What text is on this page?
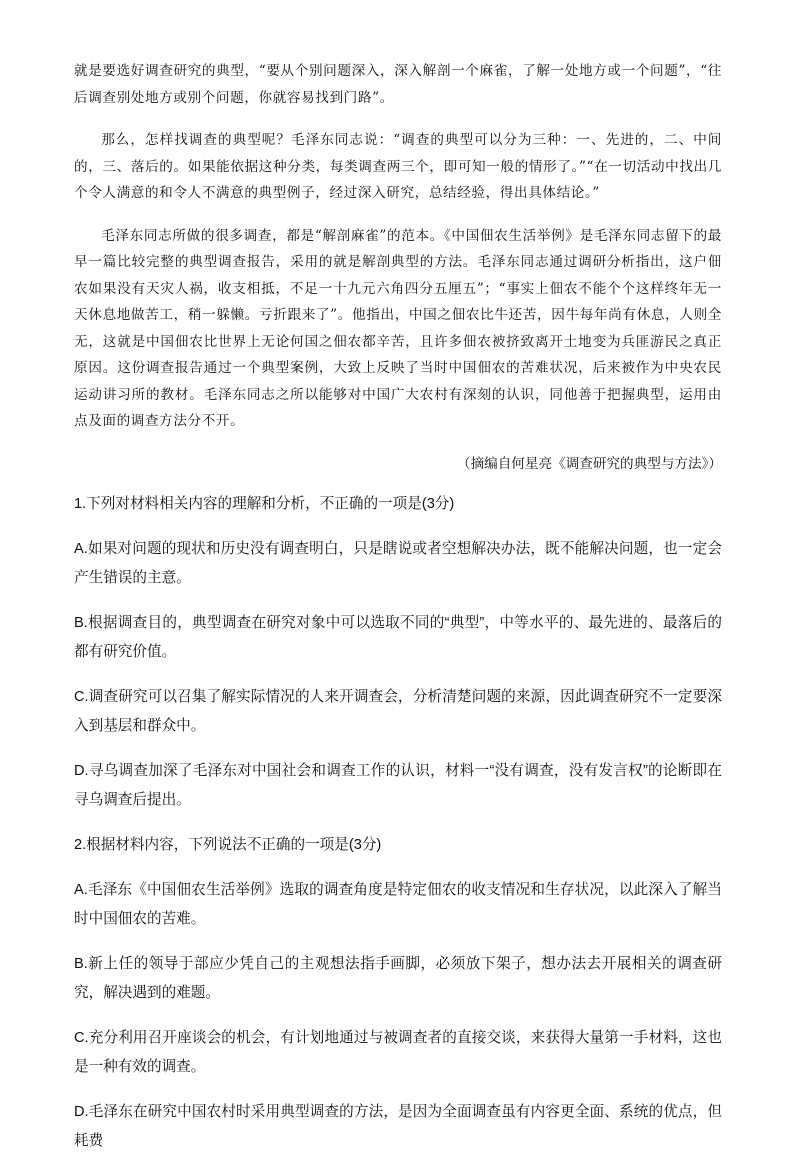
就是要选好调查研究的典型，“要从个别问题深入，深入解剖一个麻雀，了解一处地方或一个问题”，“往后调查别处地方或别个问题，你就容易找到门路”。

那么，怎样找调查的典型呢？毛泽东同志说：“调查的典型可以分为三种：一、先进的，二、中间的，三、落后的。如果能依据这种分类，每类调查两三个，即可知一般的情形了。”“在一切活动中找出几个令人满意的和令人不满意的典型例子，经过深入研究，总结经验，得出具体结论。”

毛泽东同志所做的很多调查，都是“解剖麻雀”的范本。《中国佃农生活举例》是毛泽东同志留下的最早一篇比较完整的典型调查报告，采用的就是解剖典型的方法。毛泽东同志通过调研分析指出，这户佃农如果没有天灾人祸，收支相抵，不足一十九元六角四分五厘五”；“事实上佃农不能个个这样终年无一天休息地做苦工，稍一躲懒。亏折跟来了”。他指出，中国之佃农比牛还苦，因牛每年尚有休息，人则全无，这就是中国佃农比世界上无论何国之佃农都辛苦，且许多佃农被挤致离开土地变为兵匪游民之真正原因。这份调查报告通过一个典型案例，大致上反映了当时中国佃农的苦难状况，后来被作为中央农民运动讲习所的教材。毛泽东同志之所以能够对中国广大农村有深刻的认识，同他善于把握典型，运用由点及面的调查方法分不开。

（摘编自何星亮《调查研究的典型与方法》）

1.下列对材料相关内容的理解和分析，不正确的一项是(3分)

A.如果对问题的现状和历史没有调查明白，只是瞎说或者空想解决办法，既不能解决问题，也一定会产生错误的主意。

B.根据调查目的，典型调查在研究对象中可以选取不同的“典型”，中等水平的、最先进的、最落后的都有研究价值。

C.调查研究可以召集了解实际情况的人来开调查会，分析清楚问题的来源，因此调查研究不一定要深入到基层和群众中。

D.寻乌调查加深了毛泽东对中国社会和调查工作的认识，材料一“没有调查，没有发言权”的论断即在寻乌调查后提出。

2.根据材料内容，下列说法不正确的一项是(3分)

A.毛泽东《中国佃农生活举例》选取的调查角度是特定佃农的收支情况和生存状况，以此深入了解当时中国佃农的苦难。

B.新上任的领导于部应少凭自己的主观想法指手画脚，必须放下架子，想办法去开展相关的调查研究，解决遇到的难题。

C.充分利用召开座谈会的机会，有计划地通过与被调查者的直接交谈，来获得大量第一手材料，这也是一种有效的调查。

D.毛泽东在研究中国农村时采用典型调查的方法，是因为全面调查虽有内容更全面、系统的优点，但耗费
